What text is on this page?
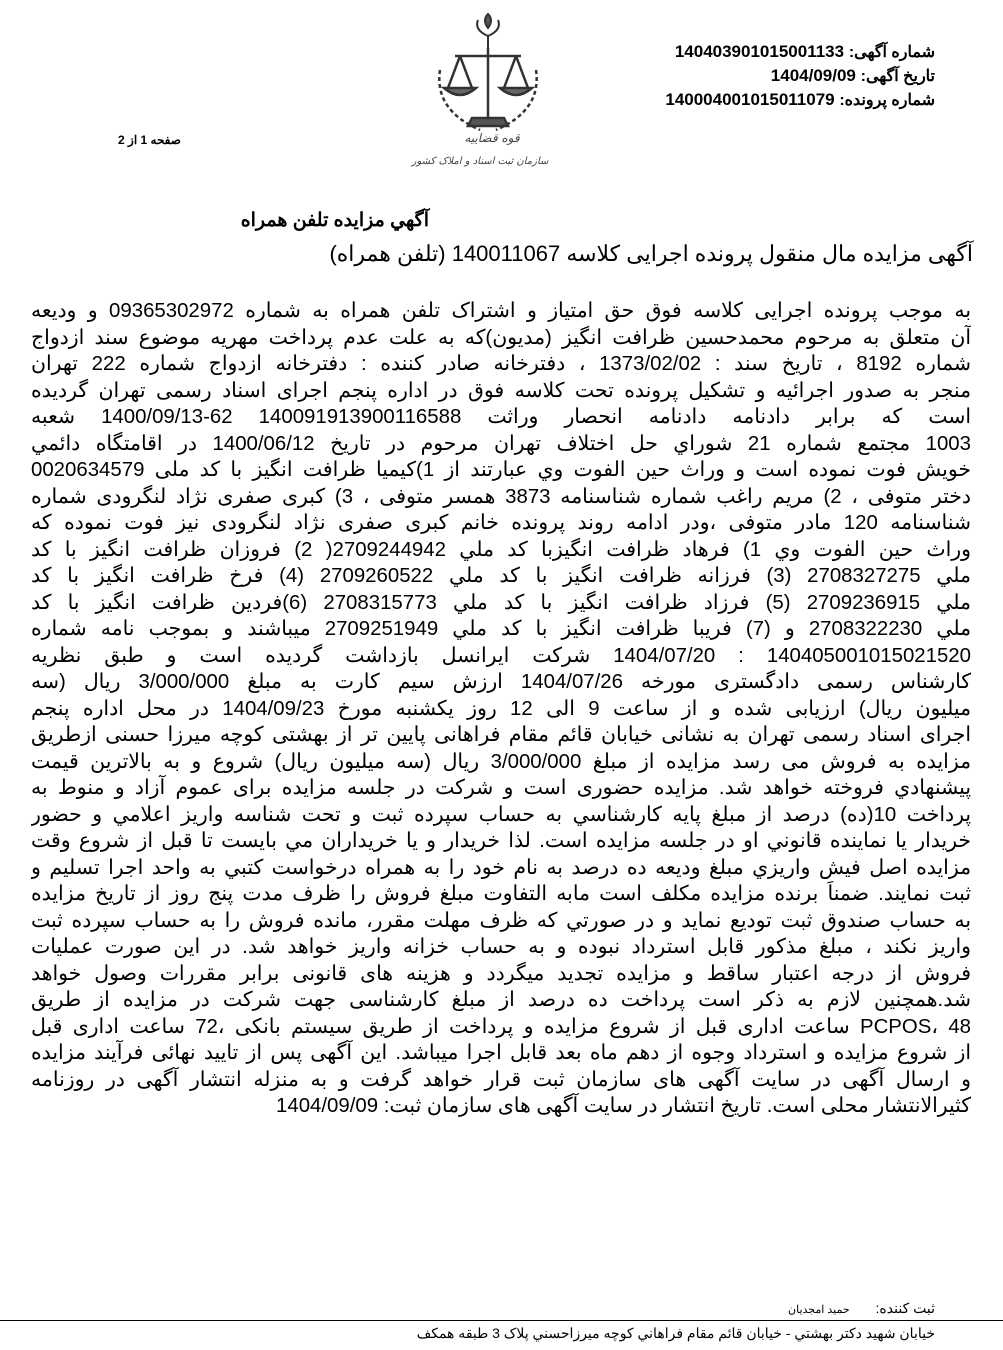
شماره آگهی: 14040390101500113‍3
تاریخ آگهی: 1404/09/09
شماره پرونده: 140004001015011079
قوه قضاییه
سازمان ثبت اسناد و املاک کشور
صفحه 1 از 2
آگهي مزايده تلفن همراه
آگهی مزایده مال منقول پرونده اجرایی کلاسه 140011067 (تلفن همراه)
به موجب پرونده اجرایی کلاسه فوق حق امتیاز و اشتراک تلفن همراه به شماره 09365302972 و ودیعه
آن متعلق به مرحوم محمدحسین ظرافت انگیز (مدیون)که به علت عدم پرداخت مهریه موضوع سند ازدواج
شماره 8192 ، تاریخ سند : 1373/02/02 ، دفترخانه صادر کننده : دفترخانه ازدواج شماره 222 تهران
منجر به صدور اجرائیه و تشکیل پرونده تحت کلاسه فوق در اداره پنجم اجرای اسناد رسمی تهران گردیده
است که برابر دادنامه دادنامه انحصار وراثت 140091913900116588 62-1400/09/13 شعبه
1003 مجتمع شماره 21 شوراي حل اختلاف تهران مرحوم در تاریخ 1400/06/12 در اقامتگاه دائمي
خویش فوت نموده است و وراث حین الفوت وي عبارتند از 1)کیمیا ظرافت انگیز با کد ملی 0020634579
دختر متوفی ، 2) مریم راغب شماره شناسنامه 3873 همسر متوفی ، 3) کبری صفری نژاد لنگرودی شماره
شناسنامه 120 مادر متوفی ،ودر ادامه روند پرونده خانم کبری صفری نژاد لنگرودی نیز فوت نموده که
وراث حین الفوت وي 1) فرهاد ظرافت انگیزبا کد ملي 2709244942( 2) فروزان ظرافت انگیز با کد
ملي 2708327275 (3) فرزانه ظرافت انگیز با کد ملي 2709260522 (4) فرخ ظرافت انگیز با کد
ملي 2709236915 (5) فرزاد ظرافت انگیز با کد ملي 2708315773 (6)فردین ظرافت انگیز با کد
ملي 2708322230 و (7) فریبا ظرافت انگیز با کد ملي 2709251949 میباشند و بموجب نامه شماره
140405001015021520 : 1404/07/20 شرکت ایرانسل بازداشت گردیده است و طبق نظریه
کارشناس رسمی دادگستری مورخه 1404/07/26 ارزش سیم کارت به مبلغ 3/000/000 ریال (سه
میلیون ریال) ارزیابی شده و از ساعت 9 الی 12 روز یکشنبه مورخ 1404/09/23 در محل اداره پنجم
اجرای اسناد رسمی تهران به نشانی خیابان قائم مقام فراهانی پایین تر از بهشتی کوچه میرزا حسنی ازطریق
مزایده به فروش می رسد مزایده از مبلغ 3/000/000 ریال (سه میلیون ریال) شروع و به بالاترین قیمت
پیشنهادي فروخته خواهد شد. مزایده حضوری است و شرکت در جلسه مزایده برای عموم آزاد و منوط به
پرداخت 10(ده) درصد از مبلغ پایه کارشناسي به حساب سپرده ثبت و تحت شناسه واریز اعلامي و حضور
خریدار یا نماینده قانوني او در جلسه مزایده است. لذا خریدار و یا خریداران مي بایست تا قبل از شروع وقت
مزایده اصل فیش واریزي مبلغ ودیعه ده درصد به نام خود را به همراه درخواست کتبي به واحد اجرا تسلیم و
ثبت نمایند. ضمناً برنده مزایده مکلف است مابه التفاوت مبلغ فروش را ظرف مدت پنج روز از تاریخ مزایده
به حساب صندوق ثبت تودیع نماید و در صورتي که ظرف مهلت مقرر، مانده فروش را به حساب سپرده ثبت
واریز نکند ، مبلغ مذکور قابل استرداد نبوده و به حساب خزانه واریز خواهد شد. در این صورت عملیات
فروش از درجه اعتبار ساقط و مزایده تجدید میگردد و هزینه های قانونی برابر مقررات وصول خواهد
شد.همچنین لازم به ذکر است پرداخت ده درصد از مبلغ کارشناسی جهت شرکت در مزایده از طریق
PCPOS، 48 ساعت اداری قبل از شروع مزایده و پرداخت از طریق سیستم بانکی ،72 ساعت اداری قبل
از شروع مزایده و استرداد وجوه از دهم ماه بعد قابل اجرا میباشد. این آگهی پس از تایید نهائی فرآیند مزایده
و ارسال آگهی در سایت آگهی های سازمان ثبت قرار خواهد گرفت و به منزله انتشار آگهی در روزنامه
کثیرالانتشار محلی است. تاریخ انتشار در سایت آگهی های سازمان ثبت: 1404/09/09
ثبت کننده: حمید امجدیان
خیابان شهید دکتر بهشتي - خیابان قائم مقام فراهاني کوچه میرزاحسني پلاک 3 طبقه همکف
